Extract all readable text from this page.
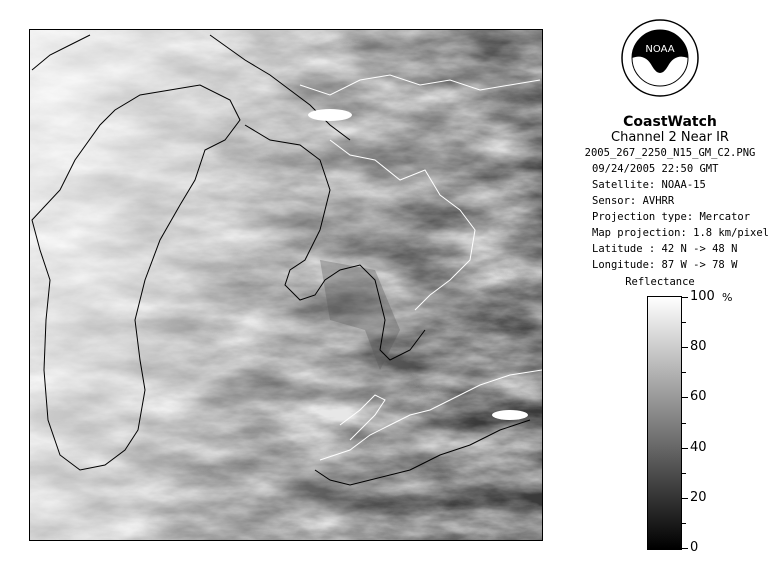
NOAA
CoastWatch
Channel 2 Near IR
2005_267_2250_N15_GM_C2.PNG
09/24/2005 22:50 GMT
Satellite: NOAA-15
Sensor: AVHRR
Projection type: Mercator
Map projection: 1.8 km/pixel
Latitude : 42 N -> 48 N
Longitude: 87 W -> 78 W
Reflectance
%
100
80
60
40
20
0
